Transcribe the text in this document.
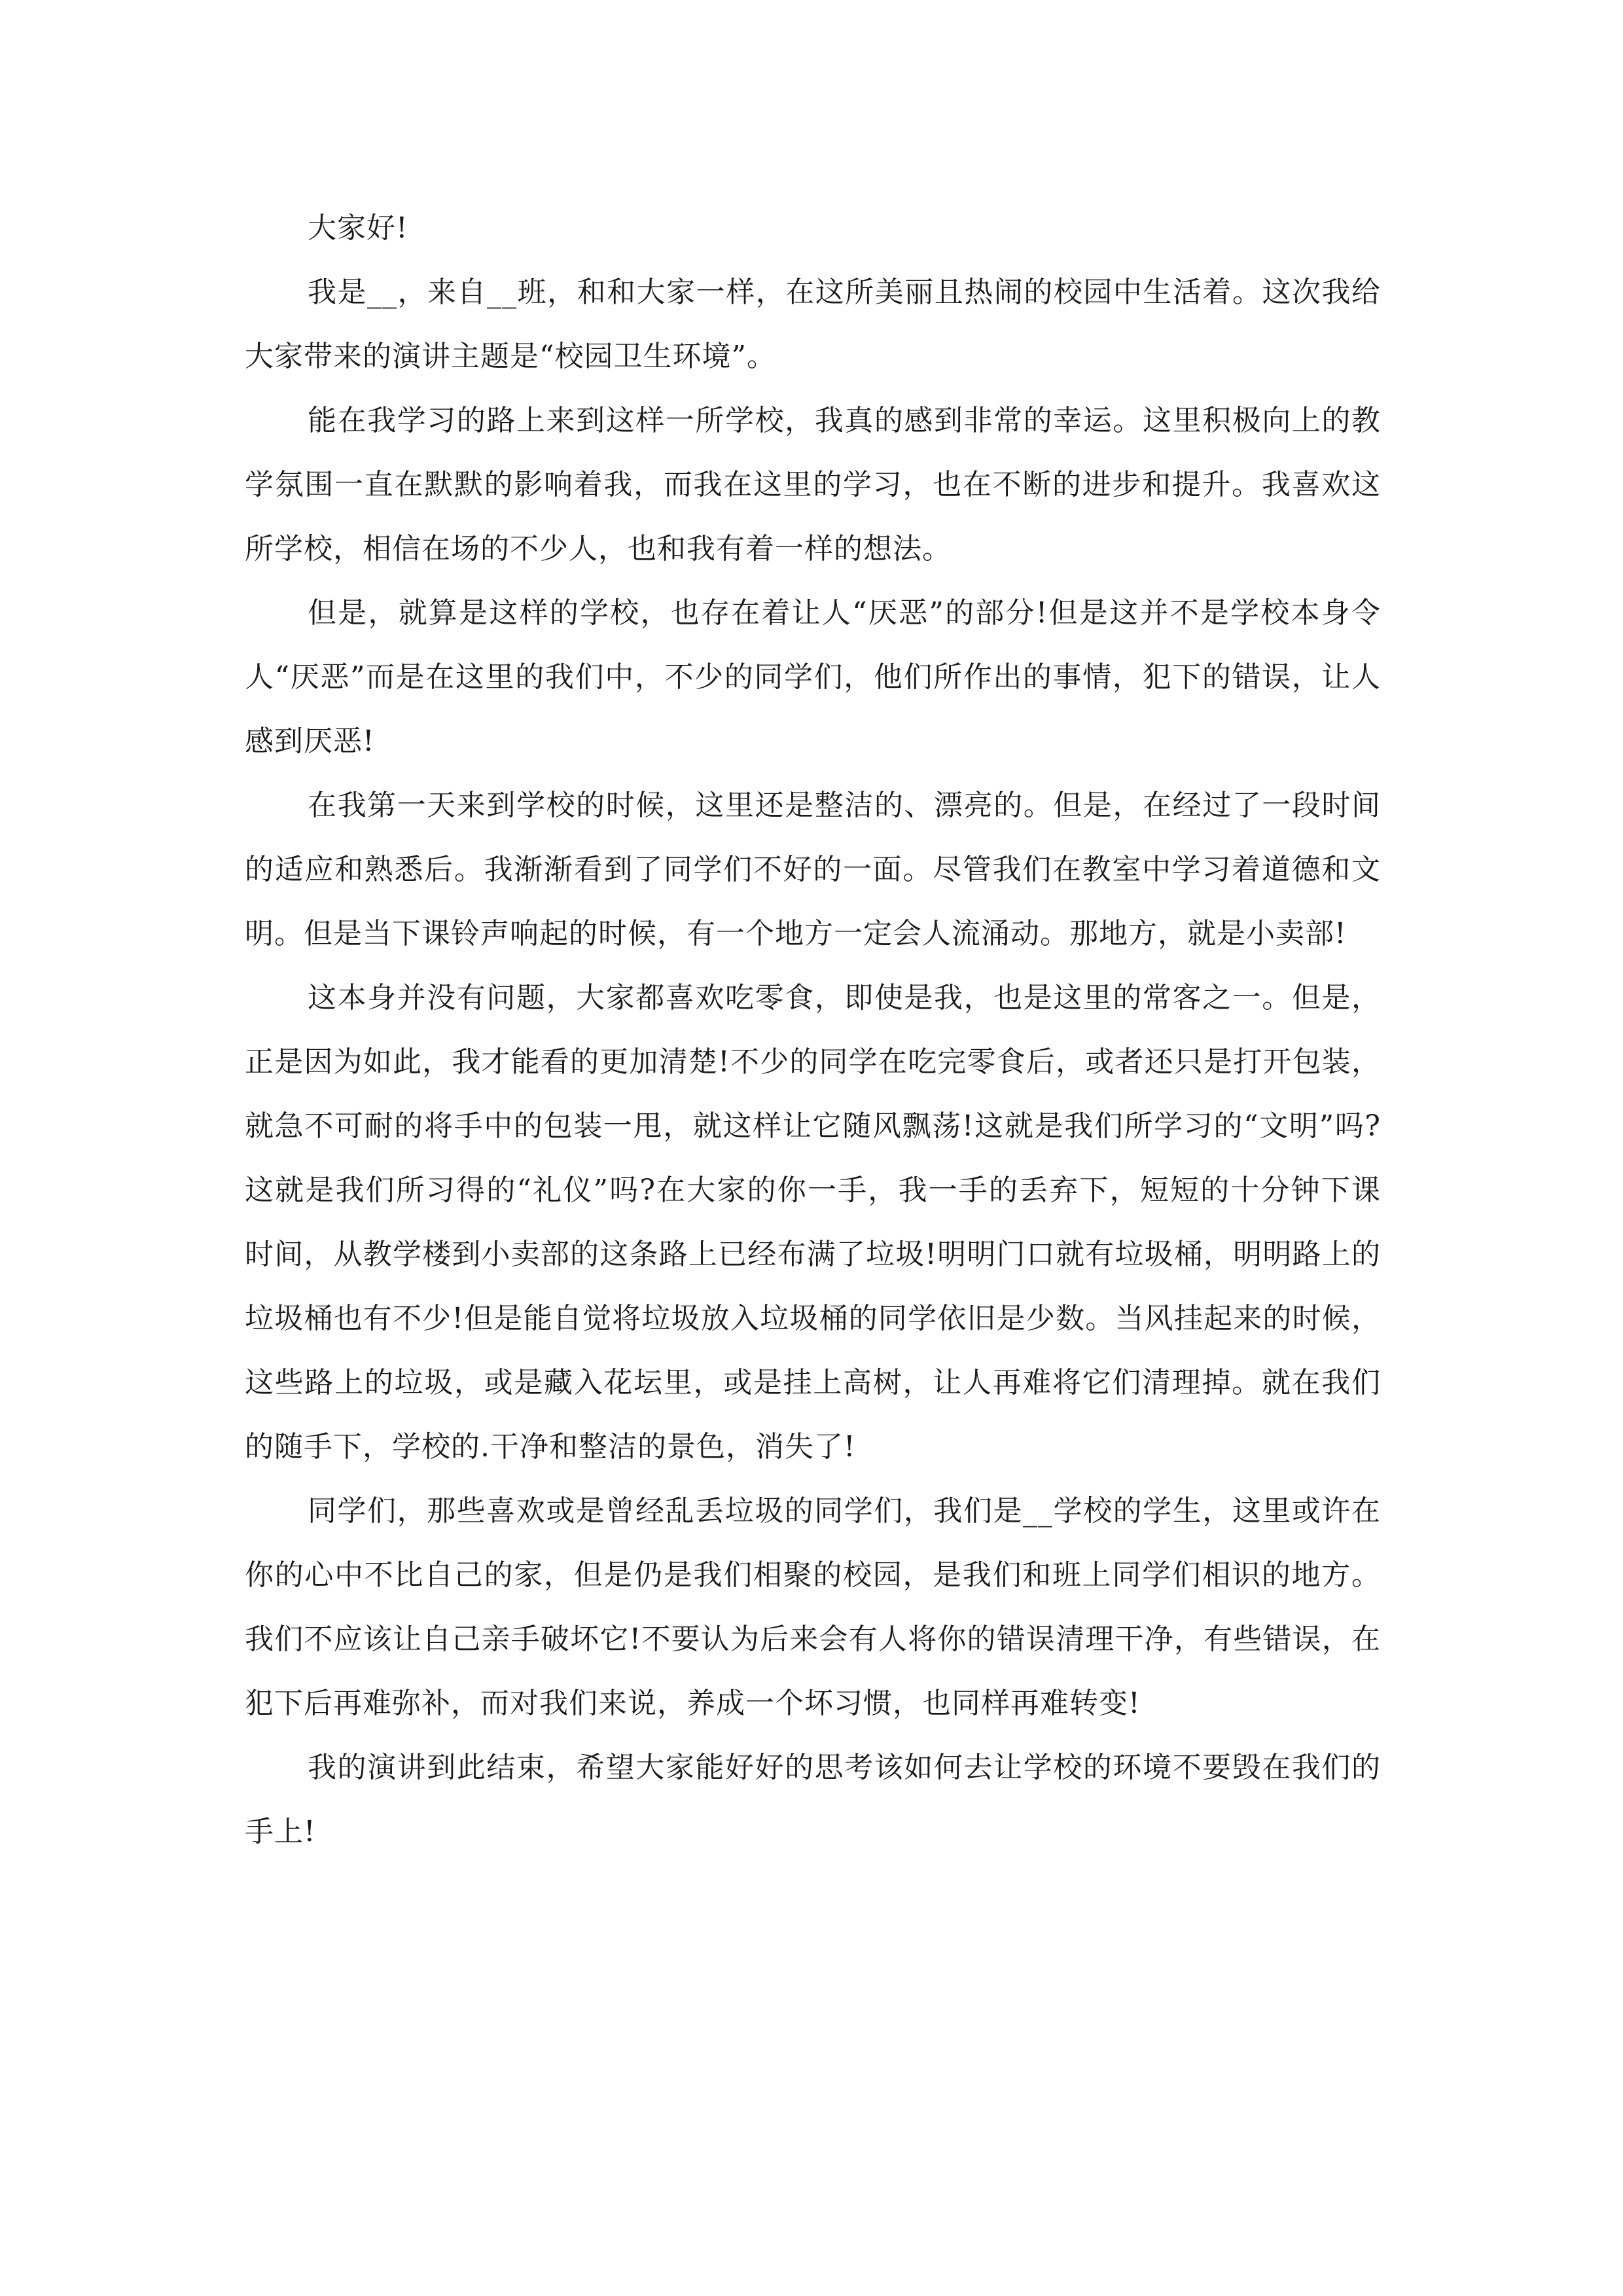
大家好!

我是__，来自__班，和和大家一样，在这所美丽且热闹的校园中生活着。这次我给大家带来的演讲主题是“校园卫生环境”。

能在我学习的路上来到这样一所学校，我真的感到非常的幸运。这里积极向上的教学氛围一直在默默的影响着我，而我在这里的学习，也在不断的进步和提升。我喜欢这所学校，相信在场的不少人，也和我有着一样的想法。

但是，就算是这样的学校，也存在着让人“厌恶”的部分!但是这并不是学校本身令人“厌恶”而是在这里的我们中，不少的同学们，他们所作出的事情，犯下的错误，让人感到厌恶!

在我第一天来到学校的时候，这里还是整洁的、漂亮的。但是，在经过了一段时间的适应和熟悉后。我渐渐看到了同学们不好的一面。尽管我们在教室中学习着道德和文明。但是当下课铃声响起的时候，有一个地方一定会人流涌动。那地方，就是小卖部!

这本身并没有问题，大家都喜欢吃零食，即使是我，也是这里的常客之一。但是，正是因为如此，我才能看的更加清楚!不少的同学在吃完零食后，或者还只是打开包装，就急不可耐的将手中的包装一甩，就这样让它随风飘荡!这就是我们所学习的“文明”吗?这就是我们所习得的“礼仪”吗?在大家的你一手，我一手的丢弃下，短短的十分钟下课时间，从教学楼到小卖部的这条路上已经布满了垃圾!明明门口就有垃圾桶，明明路上的垃圾桶也有不少!但是能自觉将垃圾放入垃圾桶的同学依旧是少数。当风挂起来的时候，这些路上的垃圾，或是藏入花坛里，或是挂上高树，让人再难将它们清理掉。就在我们的随手下，学校的.干净和整洁的景色，消失了!

同学们，那些喜欢或是曾经乱丢垃圾的同学们，我们是__学校的学生，这里或许在你的心中不比自己的家，但是仍是我们相聚的校园，是我们和班上同学们相识的地方。我们不应该让自己亲手破坏它!不要认为后来会有人将你的错误清理干净，有些错误，在犯下后再难弥补，而对我们来说，养成一个坏习惯，也同样再难转变!

我的演讲到此结束，希望大家能好好的思考该如何去让学校的环境不要毁在我们的手上!
